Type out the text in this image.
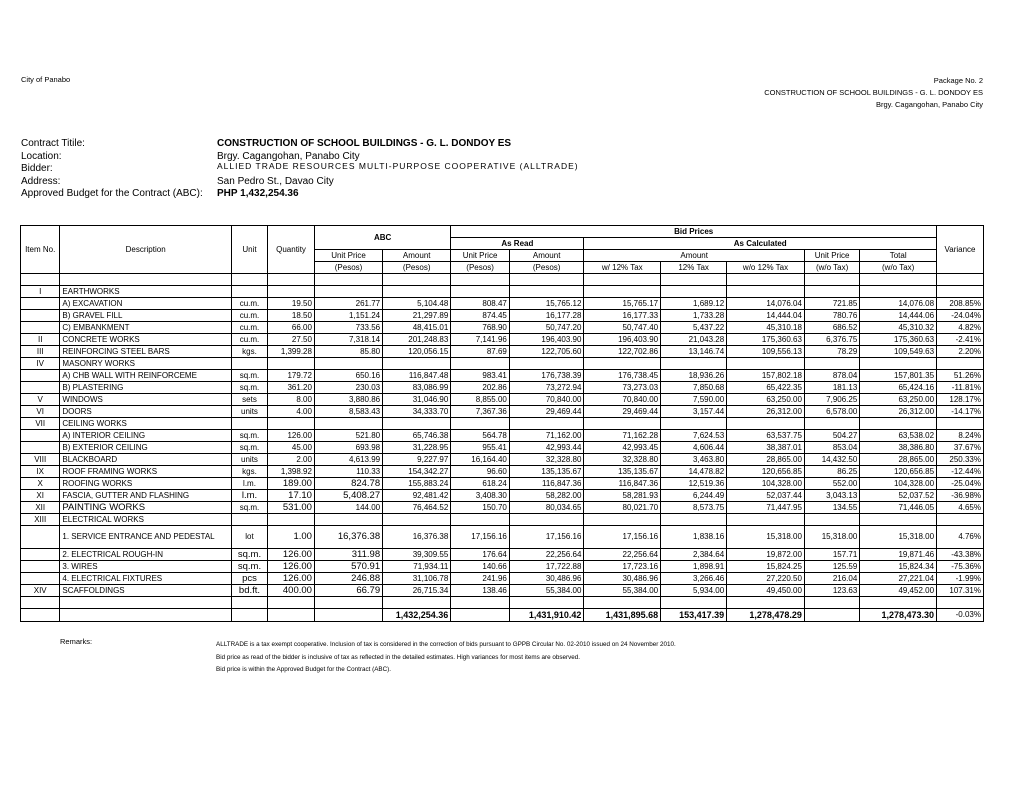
City of Panabo	Package No. 2
CONSTRUCTION OF SCHOOL BUILDINGS - G. L. DONDOY ES
Brgy. Cagangohan, Panabo City
Contract Titile:	CONSTRUCTION OF SCHOOL BUILDINGS - G. L. DONDOY ES
Location:	Brgy. Cagangohan, Panabo City
Bidder:	ALLIED TRADE RESOURCES MULTI-PURPOSE COOPERATIVE (ALLTRADE)
Address:	San Pedro St., Davao City
Approved Budget for the Contract (ABC):	PHP 1,432,254.36
Item No.	Description	Unit	Quantity	ABC		Bid Prices							Variance
						As Read		As Calculated					
				Unit Price	Amount	Unit Price	Amount	Amount			Unit Price	Total	
				(Pesos)	(Pesos)	(Pesos)	(Pesos)	w/ 12% Tax	12% Tax	w/o 12% Tax	(w/o Tax)	(w/o Tax)	

I	EARTHWORKS												
	A) EXCAVATION	cu.m.	19.50	261.77	5,104.48	808.47	15,765.12	15,765.17	1,689.12	14,076.04	721.85	14,076.08	208.85%
	B) GRAVEL FILL	cu.m.	18.50	1,151.24	21,297.89	874.45	16,177.28	16,177.33	1,733.28	14,444.04	780.76	14,444.06	-24.04%
	C) EMBANKMENT	cu.m.	66.00	733.56	48,415.01	768.90	50,747.20	50,747.40	5,437.22	45,310.18	686.52	45,310.32	4.82%
II	CONCRETE WORKS	cu.m.	27.50	7,318.14	201,248.83	7,141.96	196,403.90	196,403.90	21,043.28	175,360.63	6,376.75	175,360.63	-2.41%
III	REINFORCING STEEL BARS	kgs.	1,399.28	85.80	120,056.15	87.69	122,705.60	122,702.86	13,146.74	109,556.13	78.29	109,549.63	2.20%
IV	MASONRY WORKS												
	A) CHB WALL WITH REINFORCEME	sq.m.	179.72	650.16	116,847.48	983.41	176,738.39	176,738.45	18,936.26	157,802.18	878.04	157,801.35	51.26%
	B) PLASTERING	sq.m.	361.20	230.03	83,086.99	202.86	73,272.94	73,273.03	7,850.68	65,422.35	181.13	65,424.16	-11.81%
V	WINDOWS	sets	8.00	3,880.86	31,046.90	8,855.00	70,840.00	70,840.00	7,590.00	63,250.00	7,906.25	63,250.00	128.17%
VI	DOORS	units	4.00	8,583.43	34,333.70	7,367.36	29,469.44	29,469.44	3,157.44	26,312.00	6,578.00	26,312.00	-14.17%
VII	CEILING WORKS												
	A) INTERIOR CEILING	sq.m.	126.00	521.80	65,746.38	564.78	71,162.00	71,162.28	7,624.53	63,537.75	504.27	63,538.02	8.24%
	B) EXTERIOR CEILING	sq.m.	45.00	693.98	31,228.95	955.41	42,993.44	42,993.45	4,606.44	38,387.01	853.04	38,386.80	37.67%
VIII	BLACKBOARD	units	2.00	4,613.99	9,227.97	16,164.40	32,328.80	32,328.80	3,463.80	28,865.00	14,432.50	28,865.00	250.33%
IX	ROOF FRAMING WORKS	kgs.	1,398.92	110.33	154,342.27	96.60	135,135.67	135,135.67	14,478.82	120,656.85	86.25	120,656.85	-12.44%
X	ROOFING WORKS	l.m.	189.00	824.78	155,883.24	618.24	116,847.36	116,847.36	12,519.36	104,328.00	552.00	104,328.00	-25.04%
XI	FASCIA, GUTTER AND FLASHING	l.m.	17.10	5,408.27	92,481.42	3,408.30	58,282.00	58,281.93	6,244.49	52,037.44	3,043.13	52,037.52	-36.98%
XII	PAINTING WORKS	sq.m.	531.00	144.00	76,464.52	150.70	80,034.65	80,021.70	8,573.75	71,447.95	134.55	71,446.05	4.65%
XIII	ELECTRICAL WORKS												
	1. SERVICE ENTRANCE AND PEDESTAL	lot	1.00	16,376.38	16,376.38	17,156.16	17,156.16	17,156.16	1,838.16	15,318.00	15,318.00	15,318.00	4.76%
	2. ELECTRICAL ROUGH-IN	sq.m.	126.00	311.98	39,309.55	176.64	22,256.64	22,256.64	2,384.64	19,872.00	157.71	19,871.46	-43.38%
	3. WIRES	sq.m.	126.00	570.91	71,934.11	140.66	17,722.88	17,723.16	1,898.91	15,824.25	125.59	15,824.34	-75.36%
	4. ELECTRICAL FIXTURES	pcs	126.00	246.88	31,106.78	241.96	30,486.96	30,486.96	3,266.46	27,220.50	216.04	27,221.04	-1.99%
XIV	SCAFFOLDINGS	bd.ft.	400.00	66.79	26,715.34	138.46	55,384.00	55,384.00	5,934.00	49,450.00	123.63	49,452.00	107.31%

					1,432,254.36		1,431,910.42	1,431,895.68	153,417.39	1,278,478.29		1,278,473.30	-0.03%
Remarks:	ALLTRADE is a tax exempt cooperative. Inclusion of tax is considered in the correction of bids pursuant to GPPB Circular No. 02-2010 issued on 24 November 2010.
Bid price as read of the bidder is inclusive of tax as reflected in the detailed estimates. High variances for most items are observed.
Bid price is within the Approved Budget for the Contract (ABC).
